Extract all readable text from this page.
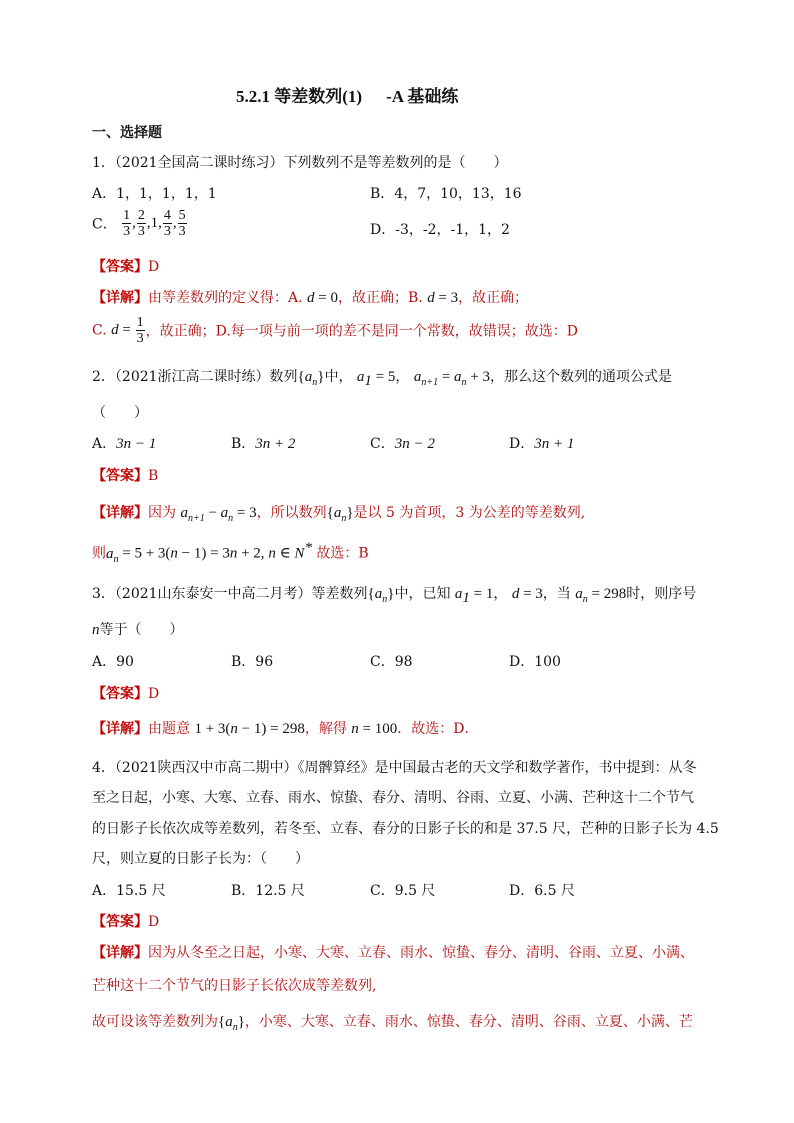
5.2.1 等差数列(1) -A 基础练
一、选择题
1．（2021全国高二课时练习）下列数列不是等差数列的是（　　）
A．1，1，1，1，1	B．4，7，10，13，16
C． $\frac{1}{3}$ , $\frac{2}{3} ,1$, $\frac{4}{3}$ , $\frac{5}{3}$	D．-3，-2，-1，1，2
【答案】D
【详解】由等差数列的定义得：A. d = 0，故正确；B. d = 3，故正确；
C. $d = \frac{1}{3}$ ，故正确；D.每一项与前一项的差不是同一个常数，故错误；故选：D
2．（2021浙江高二课时练）数列$\{a_n\}$中， $a_1 = 5$， $a_{n+1} = a_n + 3$，那么这个数列的通项公式是
（　　）
A．3n − 1	B．3n + 2	C．3n − 2	D．3n + 1
【答案】B
【详解】因为 $a_{n+1} - a_n = 3$，所以数列$\{a_n\}$是以 5 为首项，3 为公差的等差数列,
则$a_n = 5 + 3(n - 1) = 3n + 2$, n ∈ N* 故选：B
3．（2021山东泰安一中高二月考）等差数列$\{a_n\}$中，已知 $a_1 = 1$， d = 3，当 $a_n = 298$时，则序号
n等于（　　）
A．90	B．96	C．98	D．100
【答案】D
【详解】由题意 1 + 3(n − 1) = 298，解得 n = 100．故选：D．
4．（2021陕西汉中市高二期中）《周髀算经》是中国最古老的天文学和数学著作，书中提到：从冬
至之日起，小寒、大寒、立春、雨水、惊蛰、春分、清明、谷雨、立夏、小满、芒种这十二个节气
的日影子长依次成等差数列，若冬至、立春、春分的日影子长的和是 37.5 尺，芒种的日影子长为 4.5
尺，则立夏的日影子长为：（　　）
A．15.5 尺	B．12.5 尺	C．9.5 尺	D．6.5 尺
【答案】D
【详解】因为从冬至之日起，小寒、大寒、立春、雨水、惊蛰、春分、清明、谷雨、立夏、小满、
芒种这十二个节气的日影子长依次成等差数列,
故可设该等差数列为$\{a_n\}$，小寒、大寒、立春、雨水、惊蛰、春分、清明、谷雨、立夏、小满、芒
